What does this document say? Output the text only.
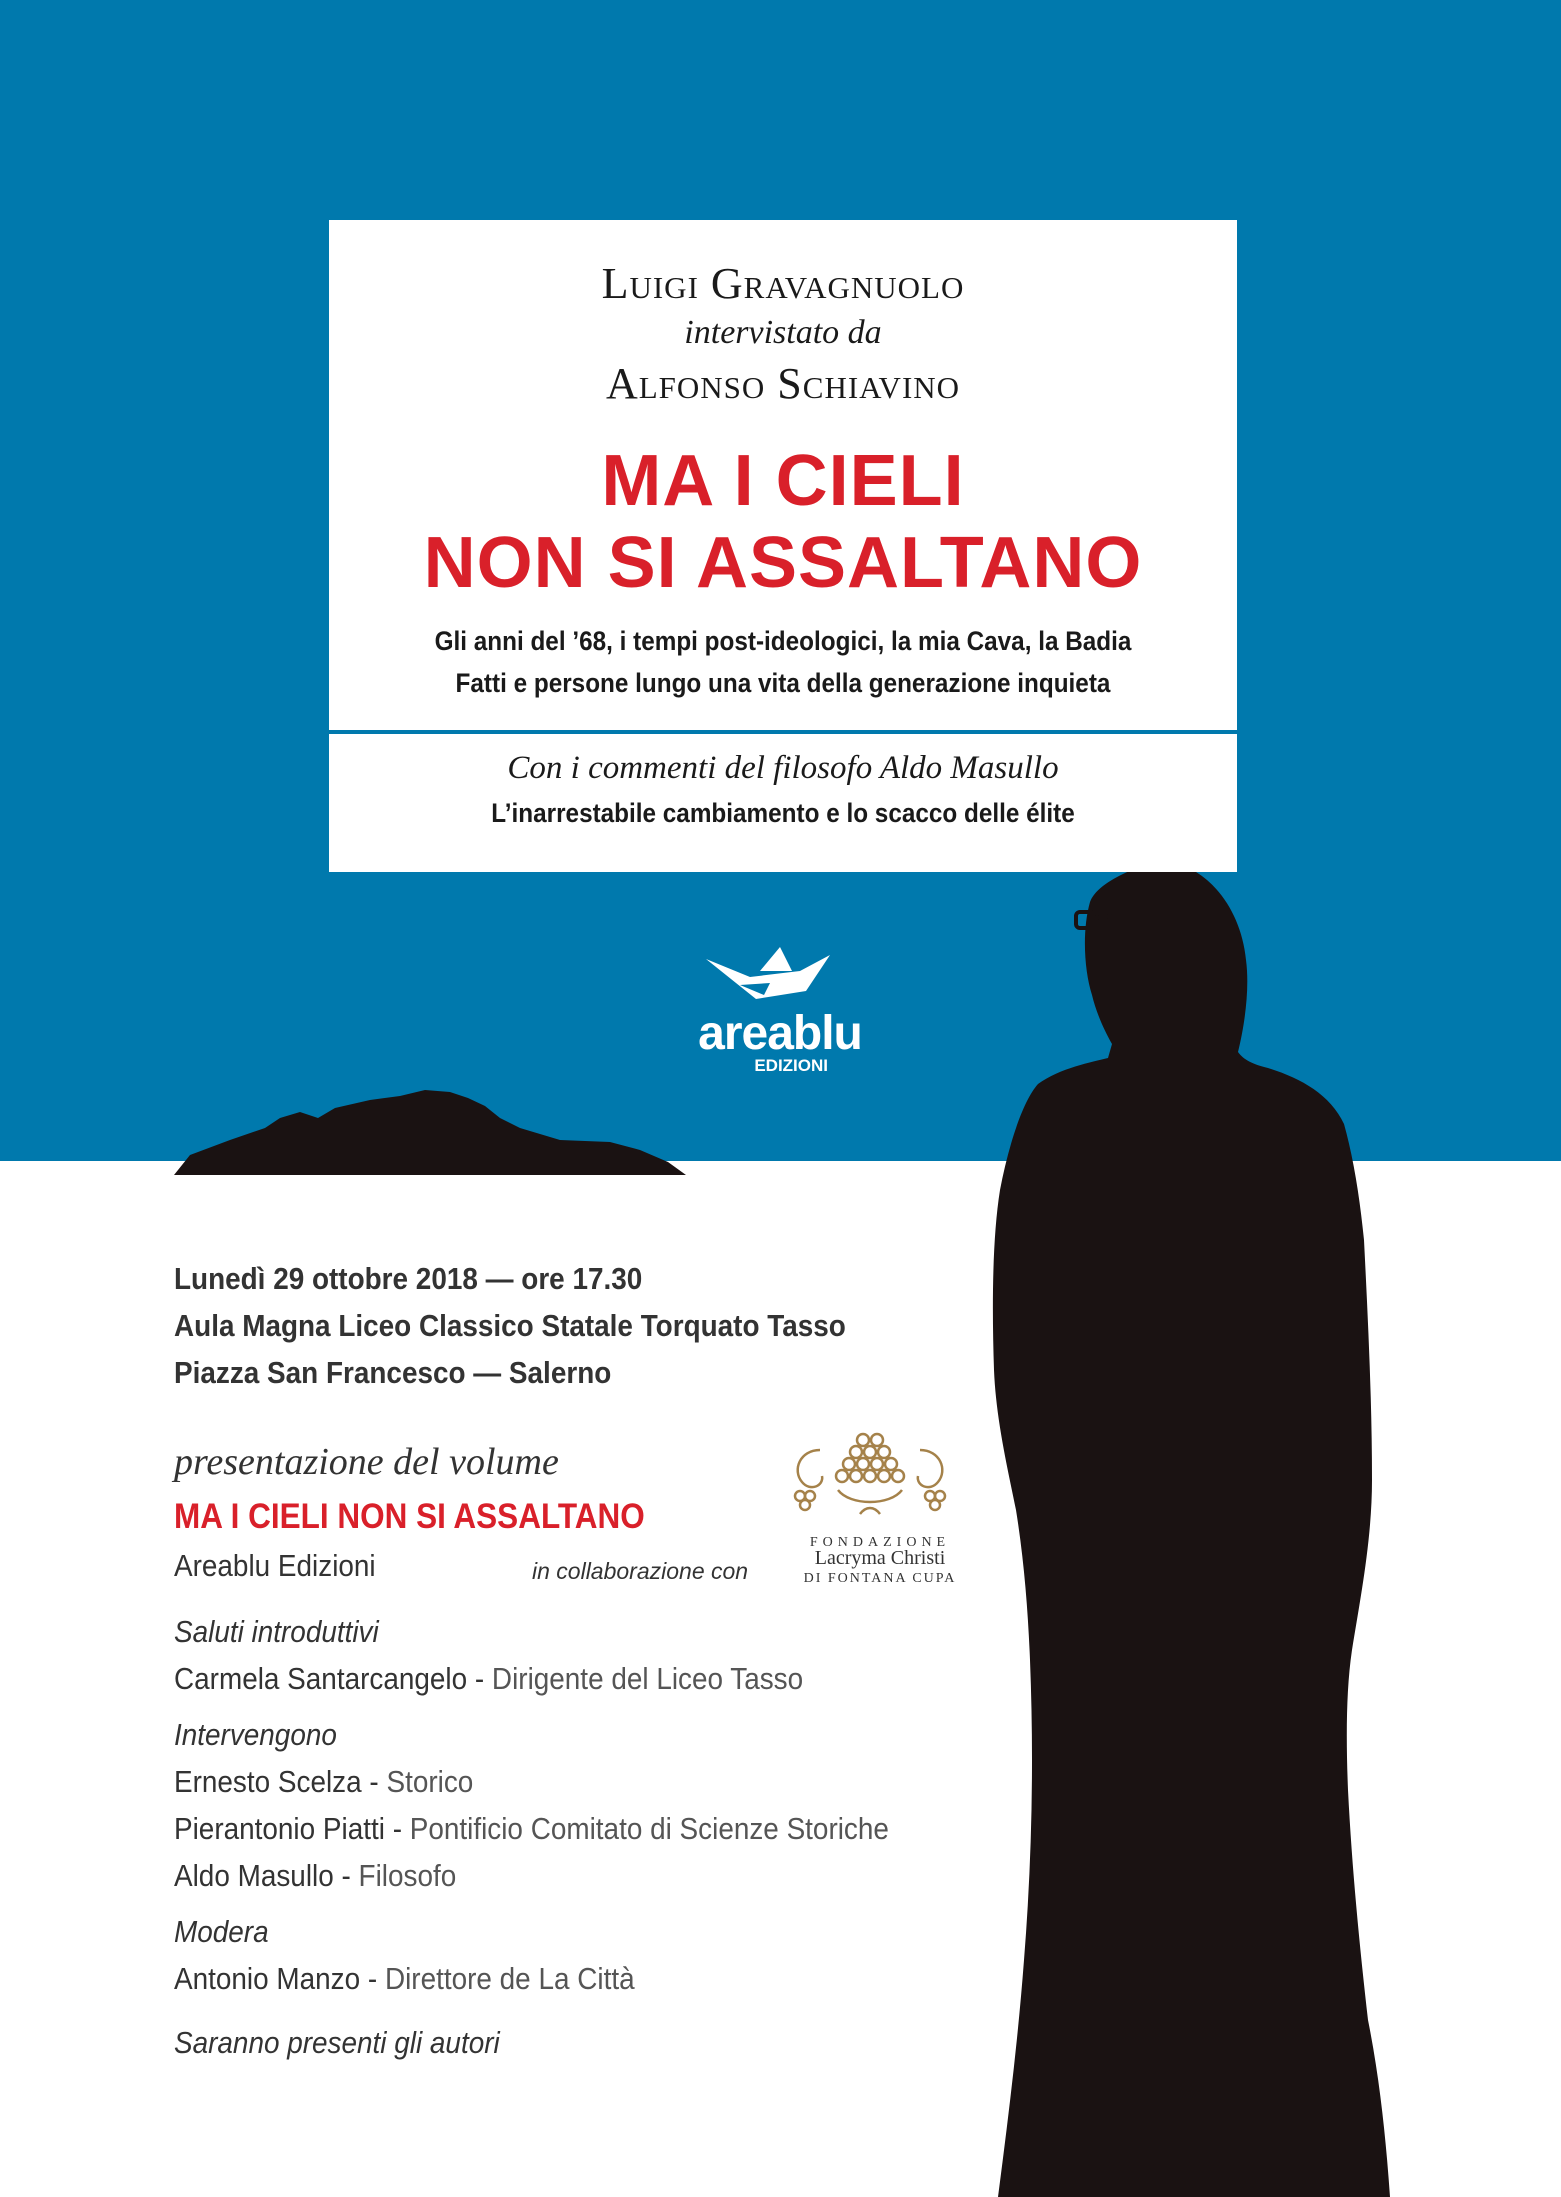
Luigi Gravagnuolo
intervistato da
Alfonso Schiavino
MA I CIELI
NON SI ASSALTANO
Gli anni del ’68, i tempi post-ideologici, la mia Cava, la Badia
Fatti e persone lungo una vita della generazione inquieta
Con i commenti del filosofo Aldo Masullo
L’inarrestabile cambiamento e lo scacco delle élite
areablu
EDIZIONI
Lunedì 29 ottobre 2018 — ore 17.30
Aula Magna Liceo Classico Statale Torquato Tasso
Piazza San Francesco — Salerno
presentazione del volume
MA I CIELI NON SI ASSALTANO
Areablu Edizioni	in collaborazione con
FONDAZIONE
Lacryma Christi
DI FONTANA CUPA
Saluti introduttivi
Carmela Santarcangelo - Dirigente del Liceo Tasso
Intervengono
Ernesto Scelza - Storico
Pierantonio Piatti - Pontificio Comitato di Scienze Storiche
Aldo Masullo - Filosofo
Modera
Antonio Manzo - Direttore de La Città
Saranno presenti gli autori
